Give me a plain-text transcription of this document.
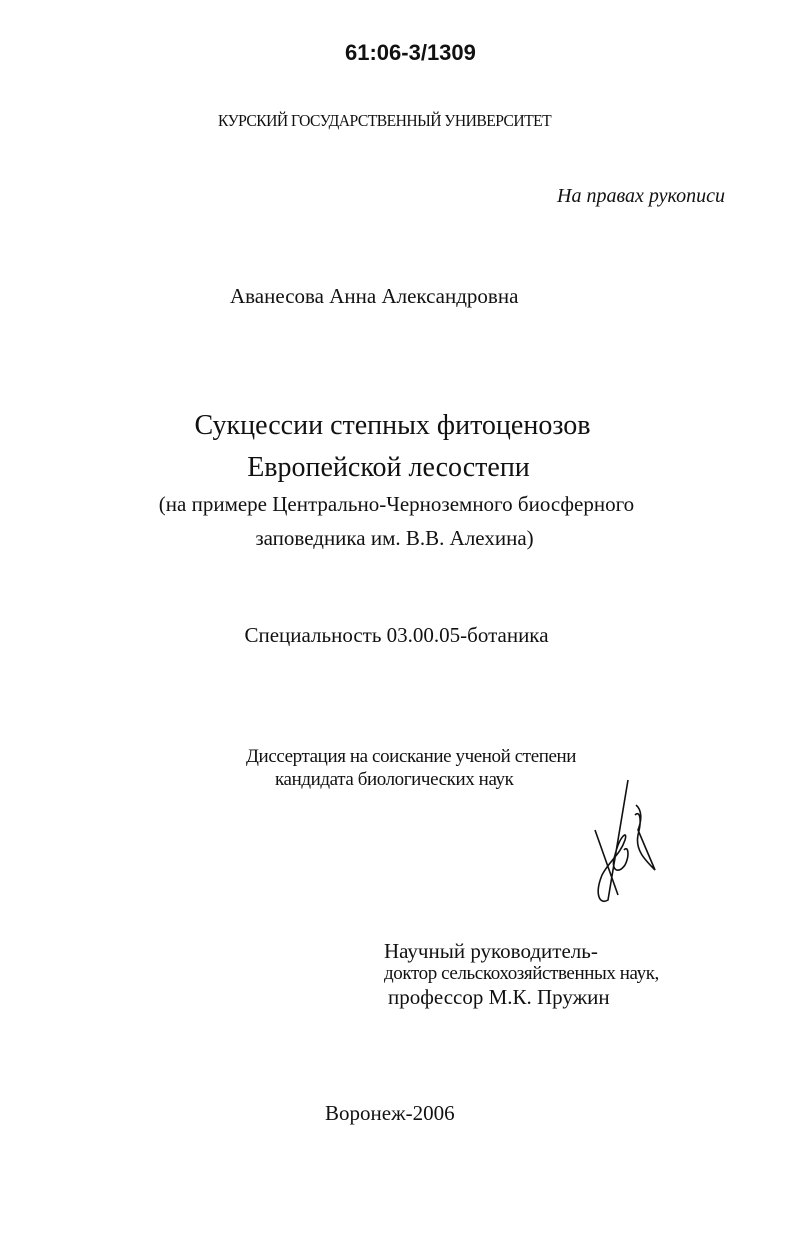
61:06-3/1309
КУРСКИЙ ГОСУДАРСТВЕННЫЙ УНИВЕРСИТЕТ
На правах рукописи
Аванесова Анна Александровна
Сукцессии степных фитоценозов
Европейской лесостепи
(на примере Центрально-Черноземного биосферного
заповедника им. В.В. Алехина)
Специальность 03.00.05-ботаника
Диссертация на соискание ученой степени
кандидата биологических наук
Научный руководитель-
доктор сельскохозяйственных наук,
профессор М.К. Пружин
Воронеж-2006
